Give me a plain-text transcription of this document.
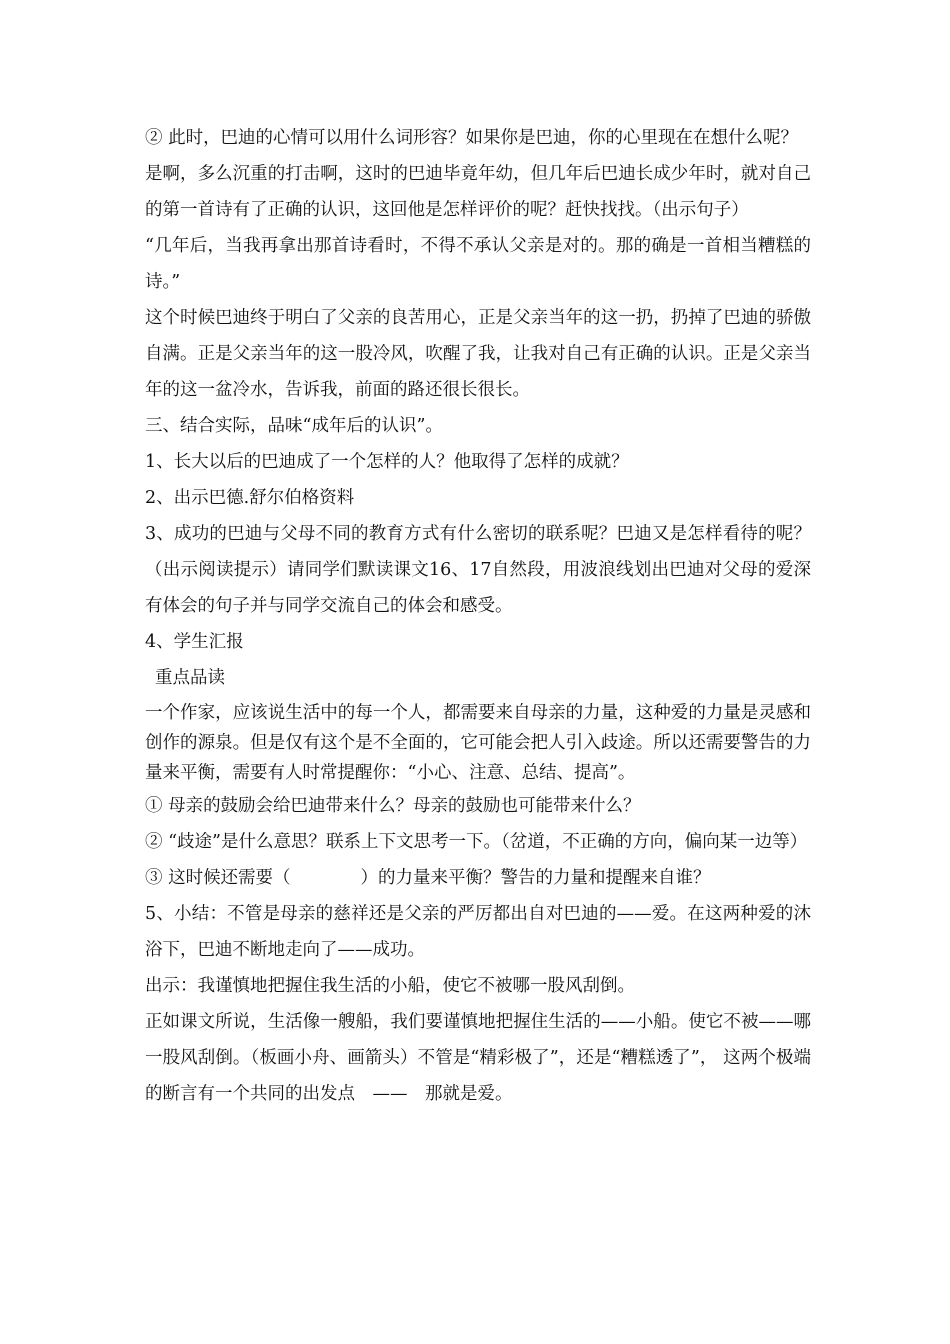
② 此时，巴迪的心情可以用什么词形容？如果你是巴迪，你的心里现在在想什么呢？

是啊，多么沉重的打击啊，这时的巴迪毕竟年幼，但几年后巴迪长成少年时，就对自己的第一首诗有了正确的认识，这回他是怎样评价的呢？赶快找找。（出示句子）

“几年后，当我再拿出那首诗看时，不得不承认父亲是对的。那的确是一首相当糟糕的诗。”

这个时候巴迪终于明白了父亲的良苦用心，正是父亲当年的这一扔，扔掉了巴迪的骄傲自满。正是父亲当年的这一股冷风，吹醒了我，让我对自己有正确的认识。正是父亲当年的这一盆冷水，告诉我，前面的路还很长很长。

三、结合实际，品味“成年后的认识”。

1、长大以后的巴迪成了一个怎样的人？他取得了怎样的成就？

2、出示巴德.舒尔伯格资料

3、成功的巴迪与父母不同的教育方式有什么密切的联系呢？巴迪又是怎样看待的呢？（出示阅读提示）请同学们默读课文16、17自然段，用波浪线划出巴迪对父母的爱深有体会的句子并与同学交流自己的体会和感受。

4、学生汇报

重点品读

一个作家，应该说生活中的每一个人，都需要来自母亲的力量，这种爱的力量是灵感和创作的源泉。但是仅有这个是不全面的，它可能会把人引入歧途。所以还需要警告的力量来平衡，需要有人时常提醒你：“小心、注意、总结、提高”。

① 母亲的鼓励会给巴迪带来什么？母亲的鼓励也可能带来什么？

② “歧途”是什么意思？联系上下文思考一下。（岔道，不正确的方向，偏向某一边等）

③ 这时候还需要（　　　　）的力量来平衡？警告的力量和提醒来自谁？

5、小结：不管是母亲的慈祥还是父亲的严厉都出自对巴迪的——爱。在这两种爱的沐浴下，巴迪不断地走向了——成功。

出示：我谨慎地把握住我生活的小船，使它不被哪一股风刮倒。

正如课文所说，生活像一艘船，我们要谨慎地把握住生活的——小船。使它不被——哪一股风刮倒。（板画小舟、画箭头）不管是“精彩极了”，还是“糟糕透了”， 这两个极端的断言有一个共同的出发点　——　那就是爱。
